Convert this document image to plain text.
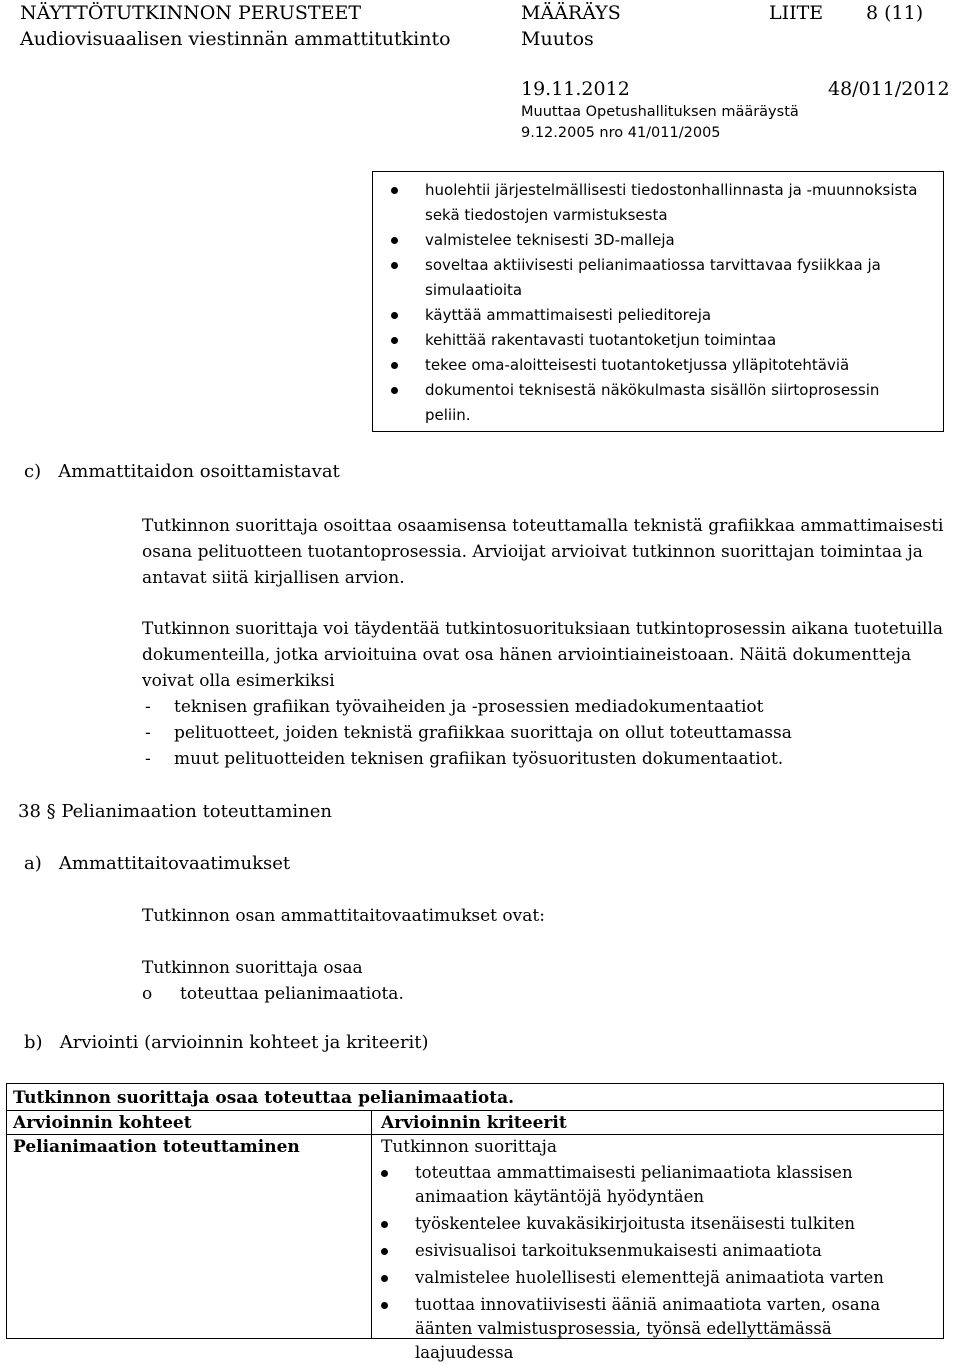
NÄYTTÖTUTKINNON PERUSTEET
Audiovisuaalisen viestinnän ammattitutkinto
MÄÄRÄYS
Muutos
19.11.2012
Muuttaa Opetushallituksen määräystä
9.12.2005 nro 41/011/2005
LIITE 8 (11)
48/011/2012
huolehtii järjestelmällisesti tiedostonhallinnasta ja -muunnoksista sekä tiedostojen varmistuksesta
valmistelee teknisesti 3D-malleja
soveltaa aktiivisesti pelianimaatiossa tarvittavaa fysiikkaa ja simulaatioita
käyttää ammattimaisesti pelieditoreja
kehittää rakentavasti tuotantoketjun toimintaa
tekee oma-aloitteisesti tuotantoketjussa ylläpitotehtäviä
dokumentoi teknisestä näkökulmasta sisällön siirtoprosessin peliin.
c)   Ammattitaidon osoittamistavat
Tutkinnon suorittaja osoittaa osaamisensa toteuttamalla teknistä grafiikkaa ammattimaisesti osana pelituotteen tuotantoprosessia. Arvioijat arvioivat tutkinnon suorittajan toimintaa ja antavat siitä kirjallisen arvion.
Tutkinnon suorittaja voi täydentää tutkintosuorituksiaan tutkintoprosessin aikana tuotetuilla dokumenteilla, jotka arvioituina ovat osa hänen arviointiaineistoaan. Näitä dokumentteja voivat olla esimerkiksi
- teknisen grafiikan työvaiheiden ja -prosessien mediadokumentaatiot
- pelituotteet, joiden teknistä grafiikkaa suorittaja on ollut toteuttamassa
- muut pelituotteiden teknisen grafiikan työsuoritusten dokumentaatiot.
38 § Pelianimaation toteuttaminen
a)   Ammattitaitovaatimukset
Tutkinnon osan ammattitaitovaatimukset ovat:
Tutkinnon suorittaja osaa
o toteuttaa pelianimaatiota.
b)   Arviointi (arvioinnin kohteet ja kriteerit)
Tutkinnon suorittaja osaa toteuttaa pelianimaatiota.
Arvioinnin kohteet	Arvioinnin kriteerit
Pelianimaation toteuttaminen	Tutkinnon suorittaja
toteuttaa ammattimaisesti pelianimaatiota klassisen animaation käytäntöjä hyödyntäen
työskentelee kuvakäsikirjoitusta itsenäisesti tulkiten
esivisualisoi tarkoituksenmukaisesti animaatiota
valmistelee huolellisesti elementtejä animaatiota varten
tuottaa innovatiivisesti ääniä animaatiota varten, osana äänten valmistusprosessia, työnsä edellyttämässä laajuudessa
